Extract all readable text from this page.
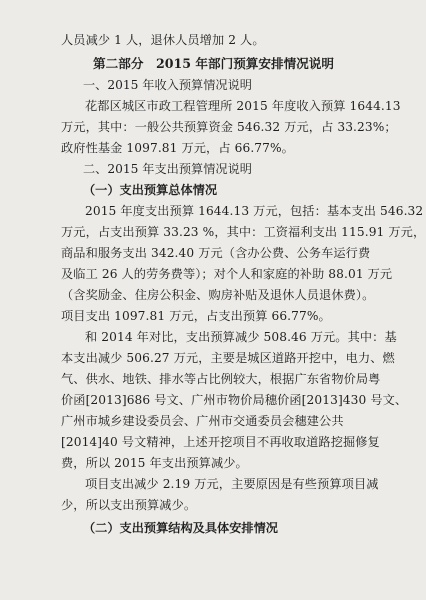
人员减少 1 人，退休人员增加 2 人。
第二部分　2015 年部门预算安排情况说明
一、2015 年收入预算情况说明
花都区城区市政工程管理所 2015 年度收入预算 1644.13
万元，其中：一般公共预算资金 546.32 万元，占 33.23%；
政府性基金 1097.81 万元，占 66.77%。
二、2015 年支出预算情况说明
（一）支出预算总体情况
2015 年度支出预算 1644.13 万元，包括：基本支出 546.32
万元，占支出预算 33.23 %，其中：工资福利支出 115.91 万元，
商品和服务支出 342.40 万元（含办公费、公务车运行费
及临工 26 人的劳务费等）；对个人和家庭的补助 88.01 万元
（含奖励金、住房公积金、购房补贴及退休人员退休费）。
项目支出 1097.81 万元，占支出预算 66.77%。
和 2014 年对比，支出预算减少 508.46 万元。其中：基
本支出减少 506.27 万元，主要是城区道路开挖中，电力、燃
气、供水、地铁、排水等占比例较大，根据广东省物价局粤
价函[2013]686 号文、广州市物价局穗价函[2013]430 号文、
广州市城乡建设委员会、广州市交通委员会穗建公共
[2014]40 号文精神，上述开挖项目不再收取道路挖掘修复
费，所以 2015 年支出预算减少。
项目支出减少 2.19 万元，主要原因是有些预算项目减
少，所以支出预算减少。
（二）支出预算结构及具体安排情况
